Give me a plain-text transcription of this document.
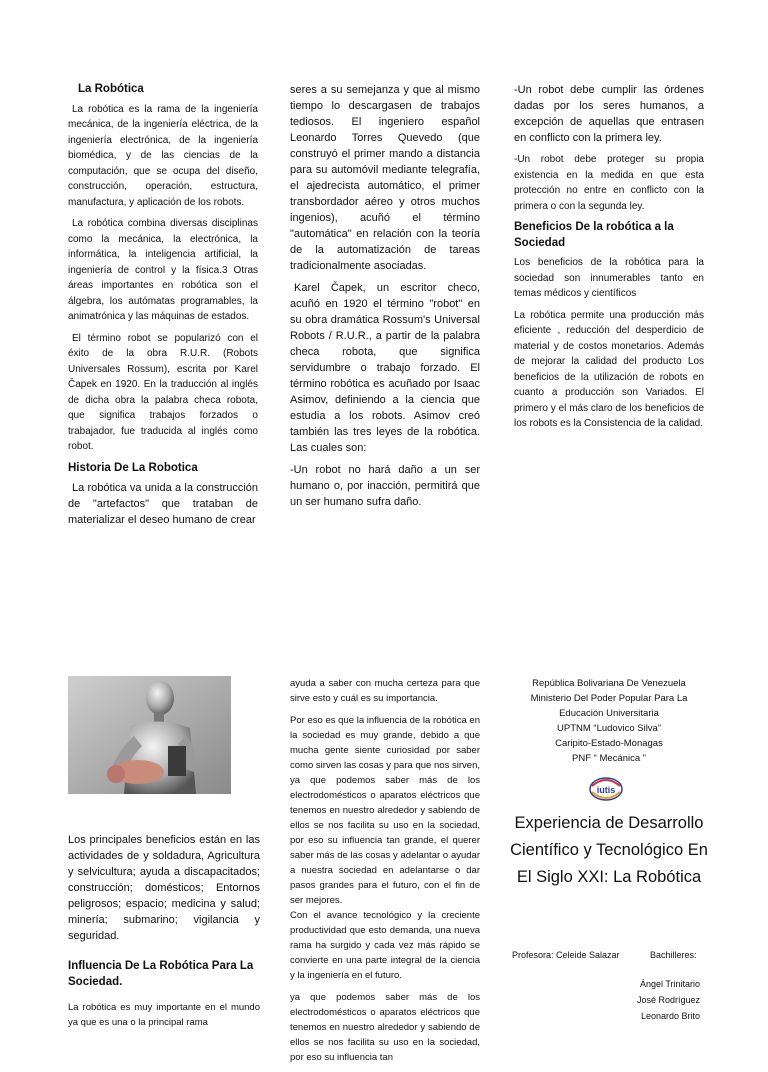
La Robótica

La robótica es la rama de la ingeniería mecánica, de la ingeniería eléctrica, de la ingeniería electrónica, de la ingeniería biomédica, y de las ciencias de la computación, que se ocupa del diseño, construcción, operación, estructura, manufactura, y aplicación de los robots.

La robótica combina diversas disciplinas como la mecánica, la electrónica, la informática, la inteligencia artificial, la ingeniería de control y la física.3 Otras áreas importantes en robótica son el álgebra, los autómatas programables, la animatrónica y las máquinas de estados.

El término robot se popularizó con el éxito de la obra R.U.R. (Robots Universales Rossum), escrita por Karel Čapek en 1920. En la traducción al inglés de dicha obra la palabra checa robota, que significa trabajos forzados o trabajador, fue traducida al inglés como robot.

Historia De La Robotica

La robótica va unida a la construcción de "artefactos" que trataban de materializar el deseo humano de crear

seres a su semejanza y que al mismo tiempo lo descargasen de trabajos tediosos. El ingeniero español Leonardo Torres Quevedo (que construyó el primer mando a distancia para su automóvil mediante telegrafía, el ajedrecista automático, el primer transbordador aéreo y otros muchos ingenios), acuñó el término "automática" en relación con la teoría de la automatización de tareas tradicionalmente asociadas.

Karel Čapek, un escritor checo, acuñó en 1920 el término "robot" en su obra dramática Rossum's Universal Robots / R.U.R., a partir de la palabra checa robota, que significa servidumbre o trabajo forzado. El término robótica es acuñado por Isaac Asimov, definiendo a la ciencia que estudia a los robots. Asimov creó también las tres leyes de la robótica. Las cuales son:

-Un robot no hará daño a un ser humano o, por inacción, permitirá que un ser humano sufra daño.

-Un robot debe cumplir las órdenes dadas por los seres humanos, a excepción de aquellas que entrasen en conflicto con la primera ley.

-Un robot debe proteger su propia existencia en la medida en que esta protección no entre en conflicto con la primera o con la segunda ley.

Beneficios De la robótica a la Sociedad

Los beneficios de la robótica para la sociedad son innumerables tanto en temas médicos y científicos

La robótica permite una producción más eficiente , reducción del desperdicio de material y de costos monetarios. Además de mejorar la calidad del producto Los beneficios de la utilización de robots en cuanto a producción son Variados. El primero y el más claro de los beneficios de los robots es la Consistencia de la calidad.

Los principales beneficios están en las actividades de y soldadura, Agricultura y selvicultura; ayuda a discapacitados; construcción; domésticos; Entornos peligrosos; espacio; medicina y salud; minería; submarino; vigilancia y seguridad.

Influencia De La Robótica Para La Sociedad.

La robótica es muy importante en el mundo ya que es una o la principal rama

ayuda a saber con mucha certeza para que sirve esto y cuál es su importancia.

Por eso es que la influencia de la robótica en la sociedad es muy grande, debido a que mucha gente siente curiosidad por saber como sirven las cosas y para que nos sirven, ya que podemos saber más de los electrodomésticos o aparatos eléctricos que tenemos en nuestro alrededor y sabiendo de ellos se nos facilita su uso en la sociedad, por eso su influencia tan grande, el querer saber más de las cosas y adelantar o ayudar a nuestra sociedad en adelantarse o dar pasos grandes para el futuro, con el fin de ser mejores.

Con el avance tecnológico y la creciente productividad que esto demanda, una nueva rama ha surgido y cada vez más rápido se convierte en una parte integral de la ciencia y la ingeniería en el futuro.

ya que podemos saber más de los electrodomésticos o aparatos eléctricos que tenemos en nuestro alrededor y sabiendo de ellos se nos facilita su uso en la sociedad, por eso su influencia tan

República Bolivariana De Venezuela

Ministerio Del Poder Popular Para La

Educación Universitaria

UPTNM “Ludovico Silva”

Caripito-Estado-Monagas

PNF “ Mecánica ”

iutis
Experiencia de Desarrollo Científico y Tecnológico En El Siglo XXI: La Robótica
Profesora: Celeide Salazar	Bachilleres:
Ángel Trinitario
José Rodríguez
Leonardo Brito
